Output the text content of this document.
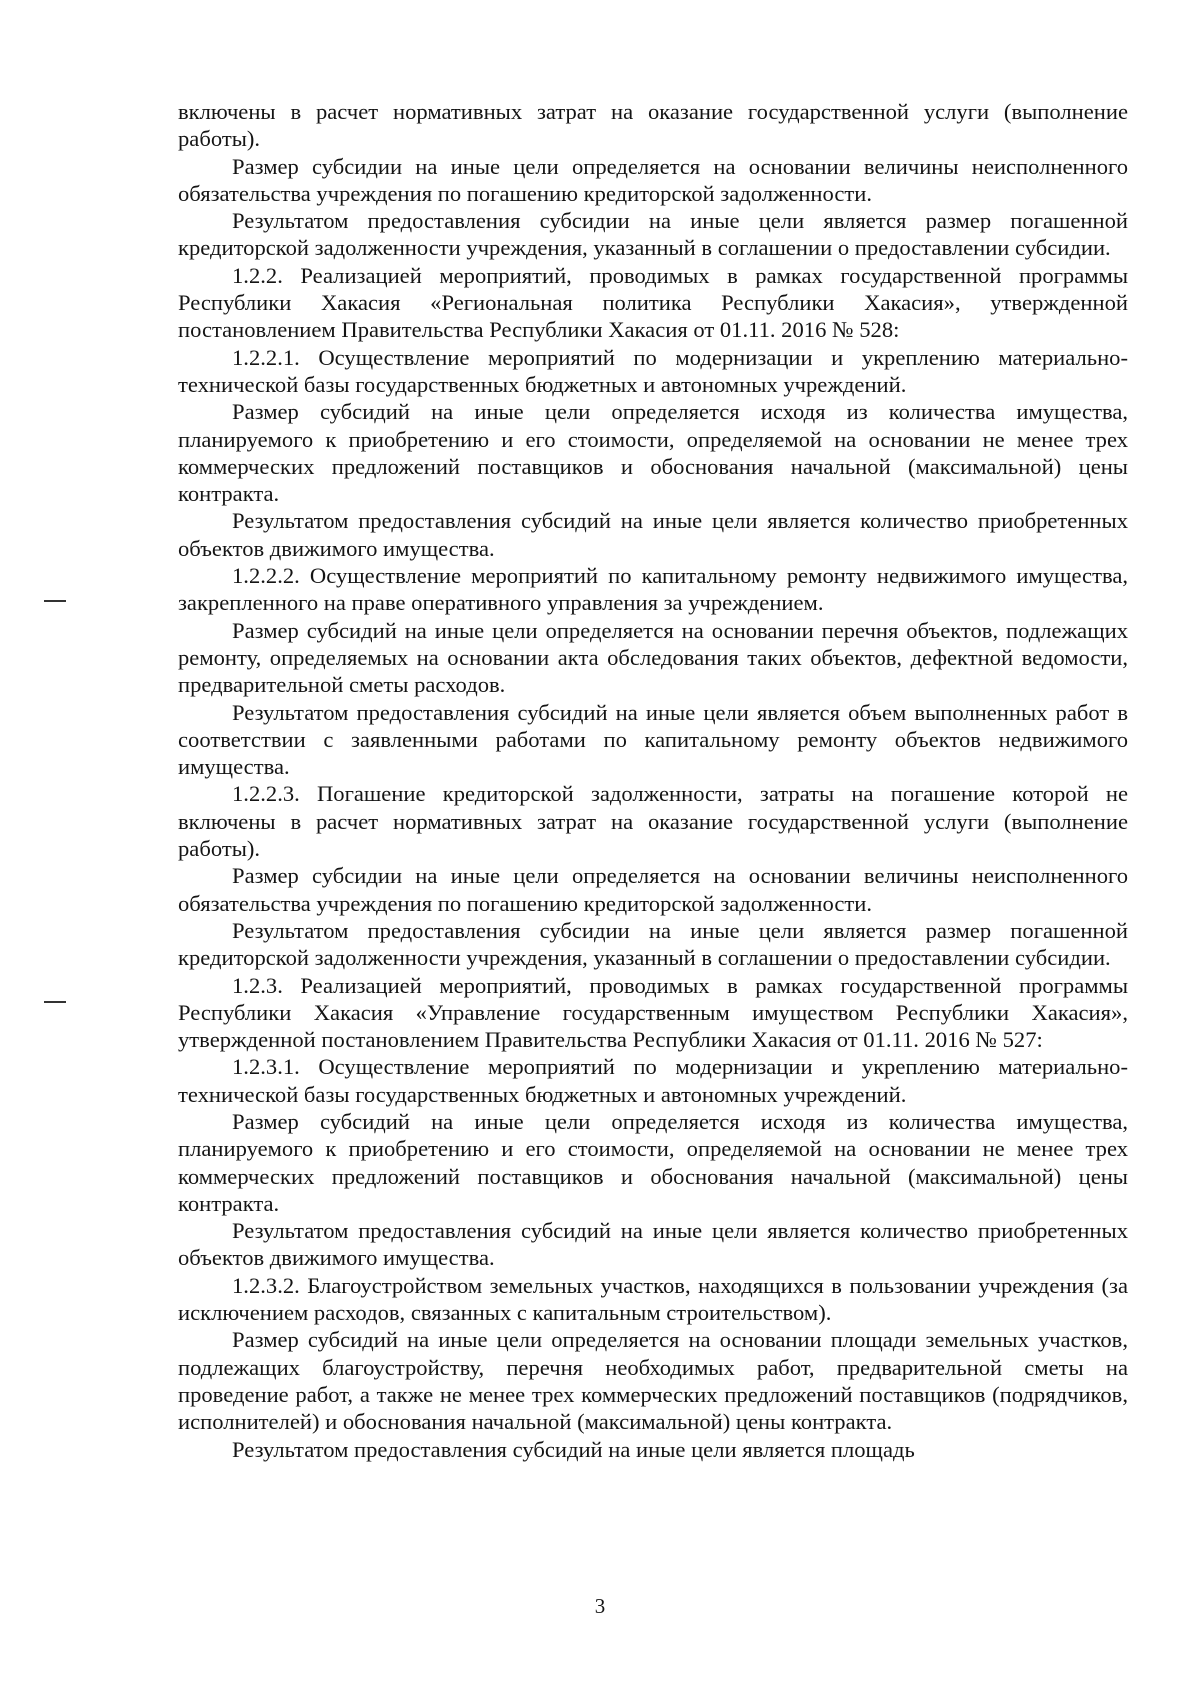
включены в расчет нормативных затрат на оказание государственной услуги (выполнение работы).

Размер субсидии на иные цели определяется на основании величины неисполненного обязательства учреждения по погашению кредиторской задолженности.

Результатом предоставления субсидии на иные цели является размер погашенной кредиторской задолженности учреждения, указанный в соглашении о предоставлении субсидии.

1.2.2. Реализацией мероприятий, проводимых в рамках государственной программы Республики Хакасия «Региональная политика Республики Хакасия», утвержденной постановлением Правительства Республики Хакасия от 01.11. 2016 № 528:

1.2.2.1. Осуществление мероприятий по модернизации и укреплению материально-технической базы государственных бюджетных и автономных учреждений.

Размер субсидий на иные цели определяется исходя из количества имущества, планируемого к приобретению и его стоимости, определяемой на основании не менее трех коммерческих предложений поставщиков и обоснования начальной (максимальной) цены контракта.

Результатом предоставления субсидий на иные цели является количество приобретенных объектов движимого имущества.

1.2.2.2. Осуществление мероприятий по капитальному ремонту недвижимого имущества, закрепленного на праве оперативного управления за учреждением.

Размер субсидий на иные цели определяется на основании перечня объектов, подлежащих ремонту, определяемых на основании акта обследования таких объектов, дефектной ведомости, предварительной сметы расходов.

Результатом предоставления субсидий на иные цели является объем выполненных работ в соответствии с заявленными работами по капитальному ремонту объектов недвижимого имущества.

1.2.2.3. Погашение кредиторской задолженности, затраты на погашение которой не включены в расчет нормативных затрат на оказание государственной услуги (выполнение работы).

Размер субсидии на иные цели определяется на основании величины неисполненного обязательства учреждения по погашению кредиторской задолженности.

Результатом предоставления субсидии на иные цели является размер погашенной кредиторской задолженности учреждения, указанный в соглашении о предоставлении субсидии.

1.2.3. Реализацией мероприятий, проводимых в рамках государственной программы Республики Хакасия «Управление государственным имуществом Республики Хакасия», утвержденной постановлением Правительства Республики Хакасия от 01.11. 2016 № 527:

1.2.3.1. Осуществление мероприятий по модернизации и укреплению материально-технической базы государственных бюджетных и автономных учреждений.

Размер субсидий на иные цели определяется исходя из количества имущества, планируемого к приобретению и его стоимости, определяемой на основании не менее трех коммерческих предложений поставщиков и обоснования начальной (максимальной) цены контракта.

Результатом предоставления субсидий на иные цели является количество приобретенных объектов движимого имущества.

1.2.3.2. Благоустройством земельных участков, находящихся в пользовании учреждения (за исключением расходов, связанных с капитальным строительством).

Размер субсидий на иные цели определяется на основании площади земельных участков, подлежащих благоустройству, перечня необходимых работ, предварительной сметы на проведение работ, а также не менее трех коммерческих предложений поставщиков (подрядчиков, исполнителей) и обоснования начальной (максимальной) цены контракта.

Результатом предоставления субсидий на иные цели является площадь

3
